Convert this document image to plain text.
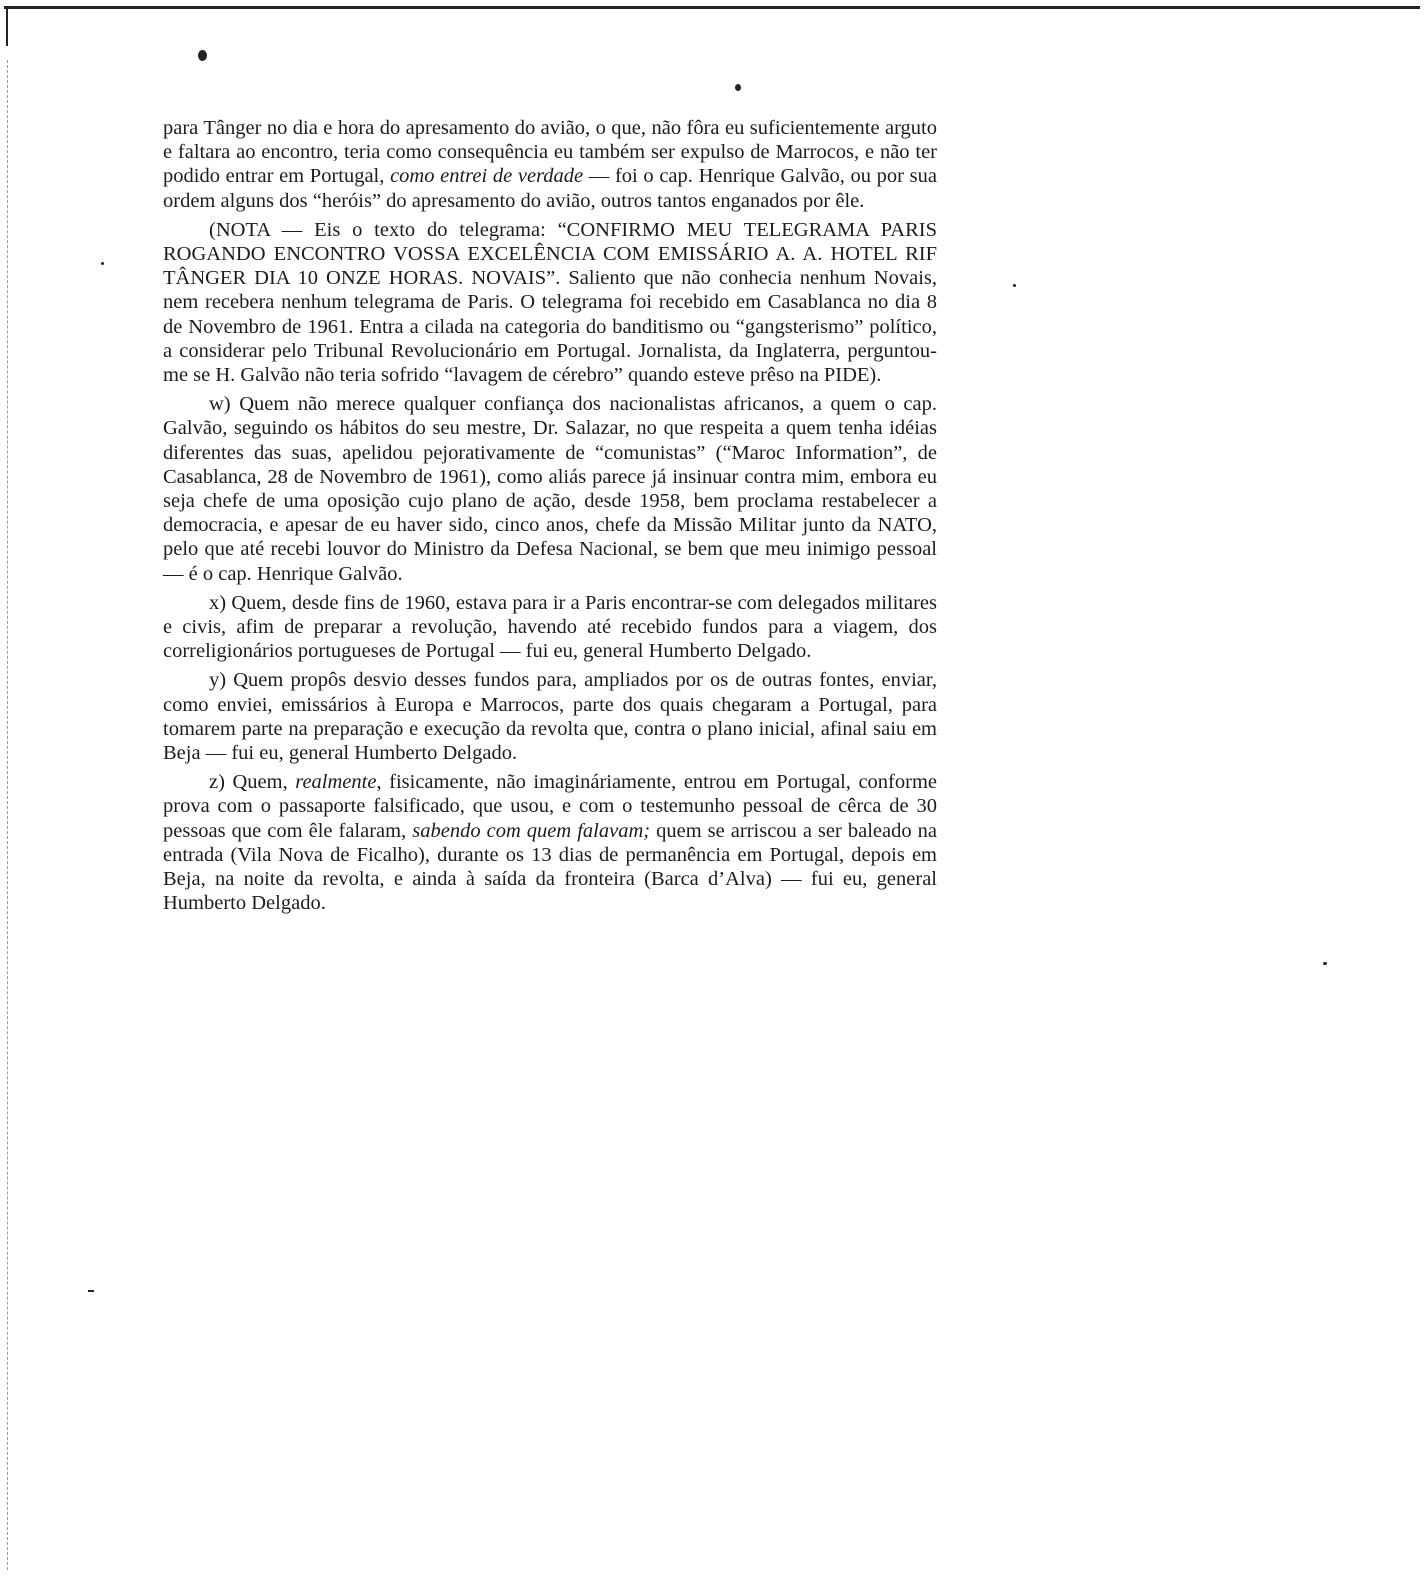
para Tânger no dia e hora do apresamento do avião, o que, não fôra eu suficientemente arguto e faltara ao encontro, teria como consequência eu também ser expulso de Marrocos, e não ter podido entrar em Portugal, como entrei de verdade — foi o cap. Henrique Galvão, ou por sua ordem alguns dos “heróis” do apresamento do avião, outros tantos enganados por êle.

(NOTA — Eis o texto do telegrama: “CONFIRMO MEU TELEGRAMA PARIS ROGANDO ENCONTRO VOSSA EXCELÊNCIA COM EMISSÁRIO A. A. HOTEL RIF TÂNGER DIA 10 ONZE HORAS. NOVAIS”. Saliento que não conhecia nenhum Novais, nem recebera nenhum telegrama de Paris. O telegrama foi recebido em Casablanca no dia 8 de Novembro de 1961. Entra a cilada na categoria do banditismo ou “gangsterismo” político, a considerar pelo Tribunal Revolucionário em Portugal. Jornalista, da Inglaterra, perguntou-me se H. Galvão não teria sofrido “lavagem de cérebro” quando esteve prêso na PIDE).

w) Quem não merece qualquer confiança dos nacionalistas africanos, a quem o cap. Galvão, seguindo os hábitos do seu mestre, Dr. Salazar, no que respeita a quem tenha idéias diferentes das suas, apelidou pejorativamente de “comunistas” (“Maroc Information”, de Casablanca, 28 de Novembro de 1961), como aliás parece já insinuar contra mim, embora eu seja chefe de uma oposição cujo plano de ação, desde 1958, bem proclama restabelecer a democracia, e apesar de eu haver sido, cinco anos, chefe da Missão Militar junto da NATO, pelo que até recebi louvor do Ministro da Defesa Nacional, se bem que meu inimigo pessoal — é o cap. Henrique Galvão.

x) Quem, desde fins de 1960, estava para ir a Paris encontrar-se com delegados militares e civis, afim de preparar a revolução, havendo até recebido fundos para a viagem, dos correligionários portugueses de Portugal — fui eu, general Humberto Delgado.

y) Quem propôs desvio desses fundos para, ampliados por os de outras fontes, enviar, como enviei, emissários à Europa e Marrocos, parte dos quais chegaram a Portugal, para tomarem parte na preparação e execução da revolta que, contra o plano inicial, afinal saiu em Beja — fui eu, general Humberto Delgado.

z) Quem, realmente, fisicamente, não imagináriamente, entrou em Portugal, conforme prova com o passaporte falsificado, que usou, e com o testemunho pessoal de cêrca de 30 pessoas que com êle falaram, sabendo com quem falavam; quem se arriscou a ser baleado na entrada (Vila Nova de Ficalho), durante os 13 dias de permanência em Portugal, depois em Beja, na noite da revolta, e ainda à saída da fronteira (Barca d’Alva) — fui eu, general Humberto Delgado.
